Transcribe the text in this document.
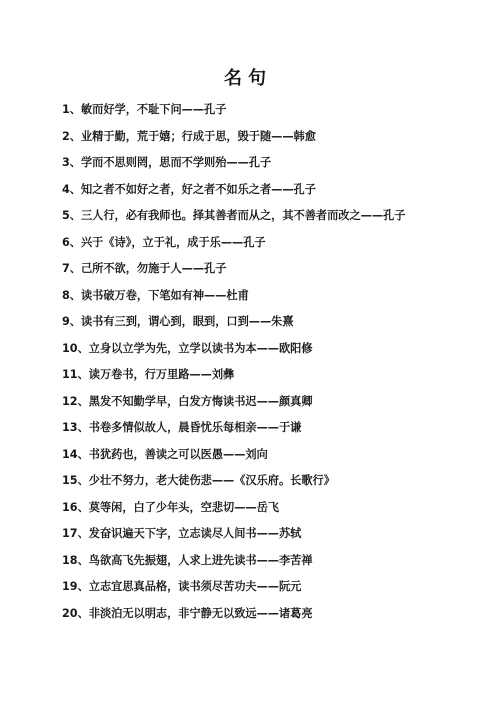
名句
1、敏而好学，不耻下问——孔子
2、业精于勤，荒于嬉；行成于思，毁于随——韩愈
3、学而不思则罔，思而不学则殆——孔子
4、知之者不如好之者，好之者不如乐之者——孔子
5、三人行，必有我师也。择其善者而从之，其不善者而改之——孔子
6、兴于《诗》，立于礼，成于乐——孔子
7、己所不欲，勿施于人——孔子
8、读书破万卷，下笔如有神——杜甫
9、读书有三到，谓心到，眼到，口到——朱熹
10、立身以立学为先，立学以读书为本——欧阳修
11、读万卷书，行万里路——刘彝
12、黑发不知勤学早，白发方悔读书迟——颜真卿
13、书卷多情似故人，晨昏忧乐每相亲——于谦
14、书犹药也，善读之可以医愚——刘向
15、少壮不努力，老大徒伤悲——《汉乐府。长歌行》
16、莫等闲，白了少年头，空悲切——岳飞
17、发奋识遍天下字，立志读尽人间书——苏轼
18、鸟欲高飞先振翅，人求上进先读书——李苦禅
19、立志宜思真品格，读书须尽苦功夫——阮元
20、非淡泊无以明志，非宁静无以致远——诸葛亮
